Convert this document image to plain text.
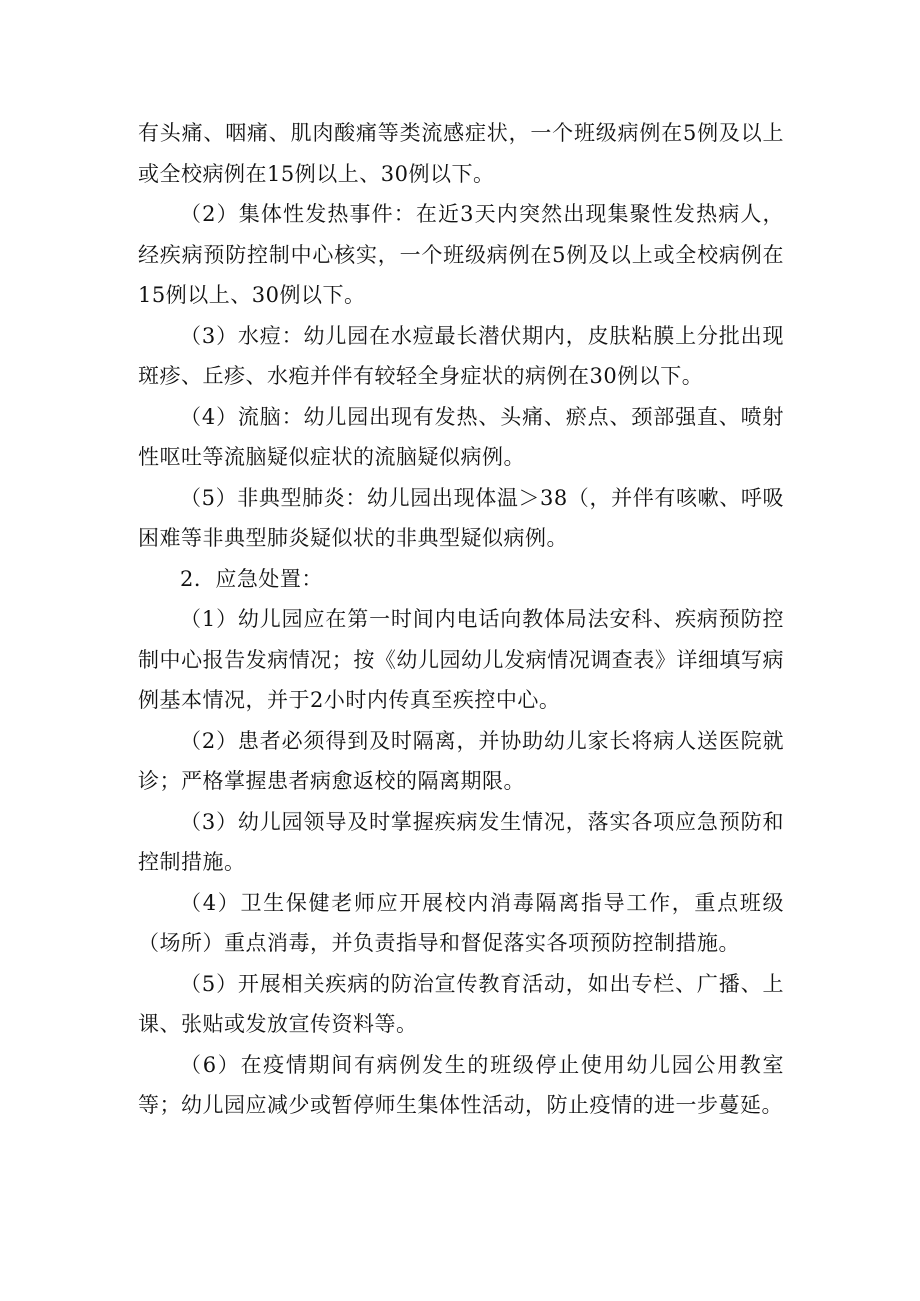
有头痛、咽痛、肌肉酸痛等类流感症状，一个班级病例在5例及以上或全校病例在15例以上、30例以下。

（2）集体性发热事件：在近3天内突然出现集聚性发热病人，经疾病预防控制中心核实，一个班级病例在5例及以上或全校病例在15例以上、30例以下。

（3）水痘：幼儿园在水痘最长潜伏期内，皮肤粘膜上分批出现斑疹、丘疹、水疱并伴有较轻全身症状的病例在30例以下。

（4）流脑：幼儿园出现有发热、头痛、瘀点、颈部强直、喷射性呕吐等流脑疑似症状的流脑疑似病例。

（5）非典型肺炎：幼儿园出现体温＞38（，并伴有咳嗽、呼吸困难等非典型肺炎疑似状的非典型疑似病例。

2．应急处置：

（1）幼儿园应在第一时间内电话向教体局法安科、疾病预防控制中心报告发病情况；按《幼儿园幼儿发病情况调查表》详细填写病例基本情况，并于2小时内传真至疾控中心。

（2）患者必须得到及时隔离，并协助幼儿家长将病人送医院就诊；严格掌握患者病愈返校的隔离期限。

（3）幼儿园领导及时掌握疾病发生情况，落实各项应急预防和控制措施。

（4）卫生保健老师应开展校内消毒隔离指导工作，重点班级（场所）重点消毒，并负责指导和督促落实各项预防控制措施。

（5）开展相关疾病的防治宣传教育活动，如出专栏、广播、上课、张贴或发放宣传资料等。

（6）在疫情期间有病例发生的班级停止使用幼儿园公用教室等；幼儿园应减少或暂停师生集体性活动，防止疫情的进一步蔓延。
